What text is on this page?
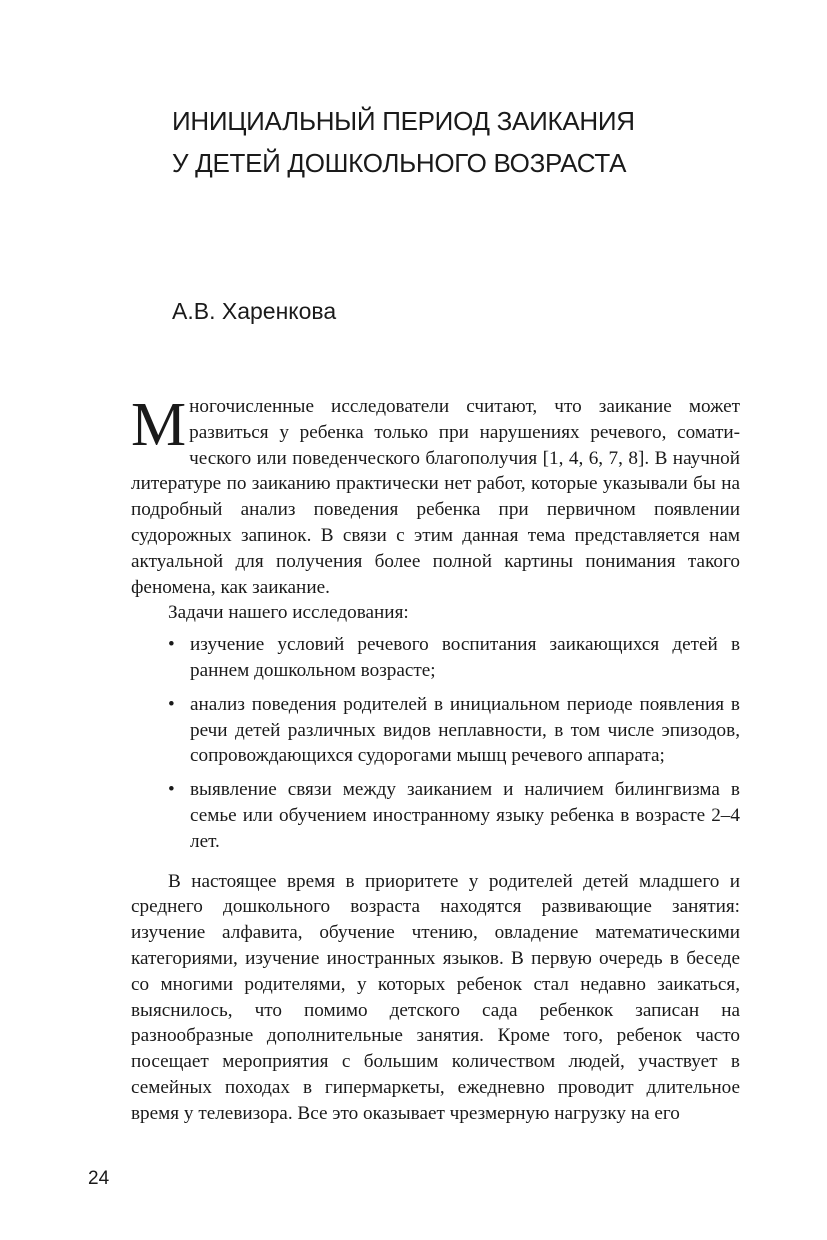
ИНИЦИАЛЬНЫЙ ПЕРИОД ЗАИКАНИЯ
У ДЕТЕЙ ДОШКОЛЬНОГО ВОЗРАСТА
А.В. Харенкова

Многочисленные исследователи считают, что заикание может развиться у ребенка только при нарушениях речевого, соматического или поведенческого благополучия [1, 4, 6, 7, 8]. В научной литературе по заиканию практически нет работ, которые указывали бы на подробный анализ поведения ребенка при первичном появлении судорожных запинок. В связи с этим данная тема представляется нам актуальной для получения более полной картины понимания такого феномена, как заикание.

Задачи нашего исследования:

• изучение условий речевого воспитания заикающихся детей в раннем дошкольном возрасте;
• анализ поведения родителей в инициальном периоде появления в речи детей различных видов неплавности, в том числе эпизодов, сопровождающихся судорогами мышц речевого аппарата;
• выявление связи между заиканием и наличием билингвизма в семье или обучением иностранному языку ребенка в возрасте 2–4 лет.

В настоящее время в приоритете у родителей детей младшего и среднего дошкольного возраста находятся развивающие занятия: изучение алфавита, обучение чтению, овладение математическими категориями, изучение иностранных языков. В первую очередь в беседе со многими родителями, у которых ребенок стал недавно заикаться, выяснилось, что помимо детского сада ребенкок записан на разнообразные дополнительные занятия. Кроме того, ребенок часто посещает мероприятия с большим количеством людей, участвует в семейных походах в гипермаркеты, ежедневно проводит длительное время у телевизора. Все это оказывает чрезмерную нагрузку на его

24
